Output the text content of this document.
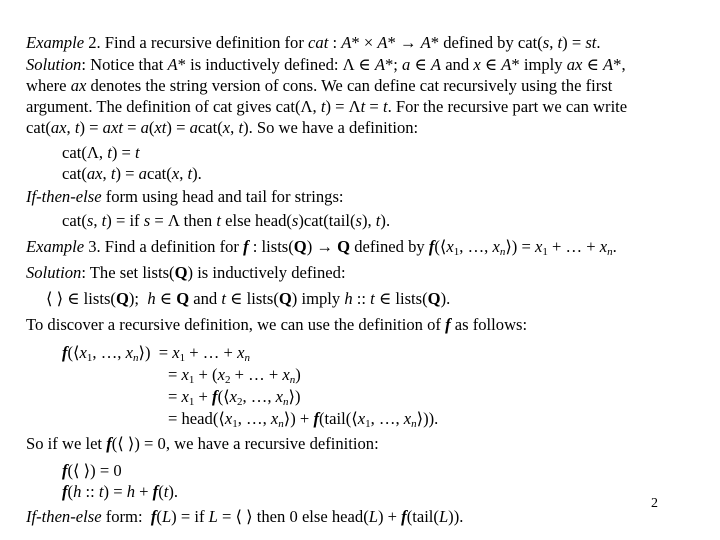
Example 2. Find a recursive definition for cat : A* × A* → A* defined by cat(s, t) = st.
Solution: Notice that A* is inductively defined: Λ ∈ A*; a ∈ A and x ∈ A* imply ax ∈ A*,
where ax denotes the string version of cons. We can define cat recursively using the first
argument. The definition of cat gives cat(Λ, t) = Λt = t. For the recursive part we can write
cat(ax, t) = axt = a(xt) = acat(x, t). So we have a definition:
cat(Λ, t) = t
cat(ax, t) = acat(x, t).
If-then-else form using head and tail for strings:
cat(s, t) = if s = Λ then t else head(s)cat(tail(s), t).
Example 3. Find a definition for f : lists(Q) → Q defined by $f(⟨x_1$, …, $x_n⟩) = x_1$ + … + $x_n$.
Solution: The set lists(Q) is inductively defined:
⟨ ⟩ ∈ lists(Q);  h ∈ Q and t ∈ lists(Q) imply h :: t ∈ lists(Q).
To discover a recursive definition, we can use the definition of f as follows:
$f(⟨x_1$, …, $x_n⟩) = x_1$ + … + $x_n$
= $x_1 + (x_2$ + … + $x_n$)
= $x_1$ + $f(⟨x_2$, …, $x_n⟩$)
= $head(⟨x_1$, …, $x_n⟩$) + $f(tail(⟨x_1$, …, $x_n⟩$)).
So if we let f(⟨ ⟩) = 0, we have a recursive definition:
f(⟨ ⟩) = 0
f(h :: t) = h + f(t).
If-then-else form:  f(L) = if L = ⟨ ⟩ then 0 else head(L) + f(tail(L)).
2
